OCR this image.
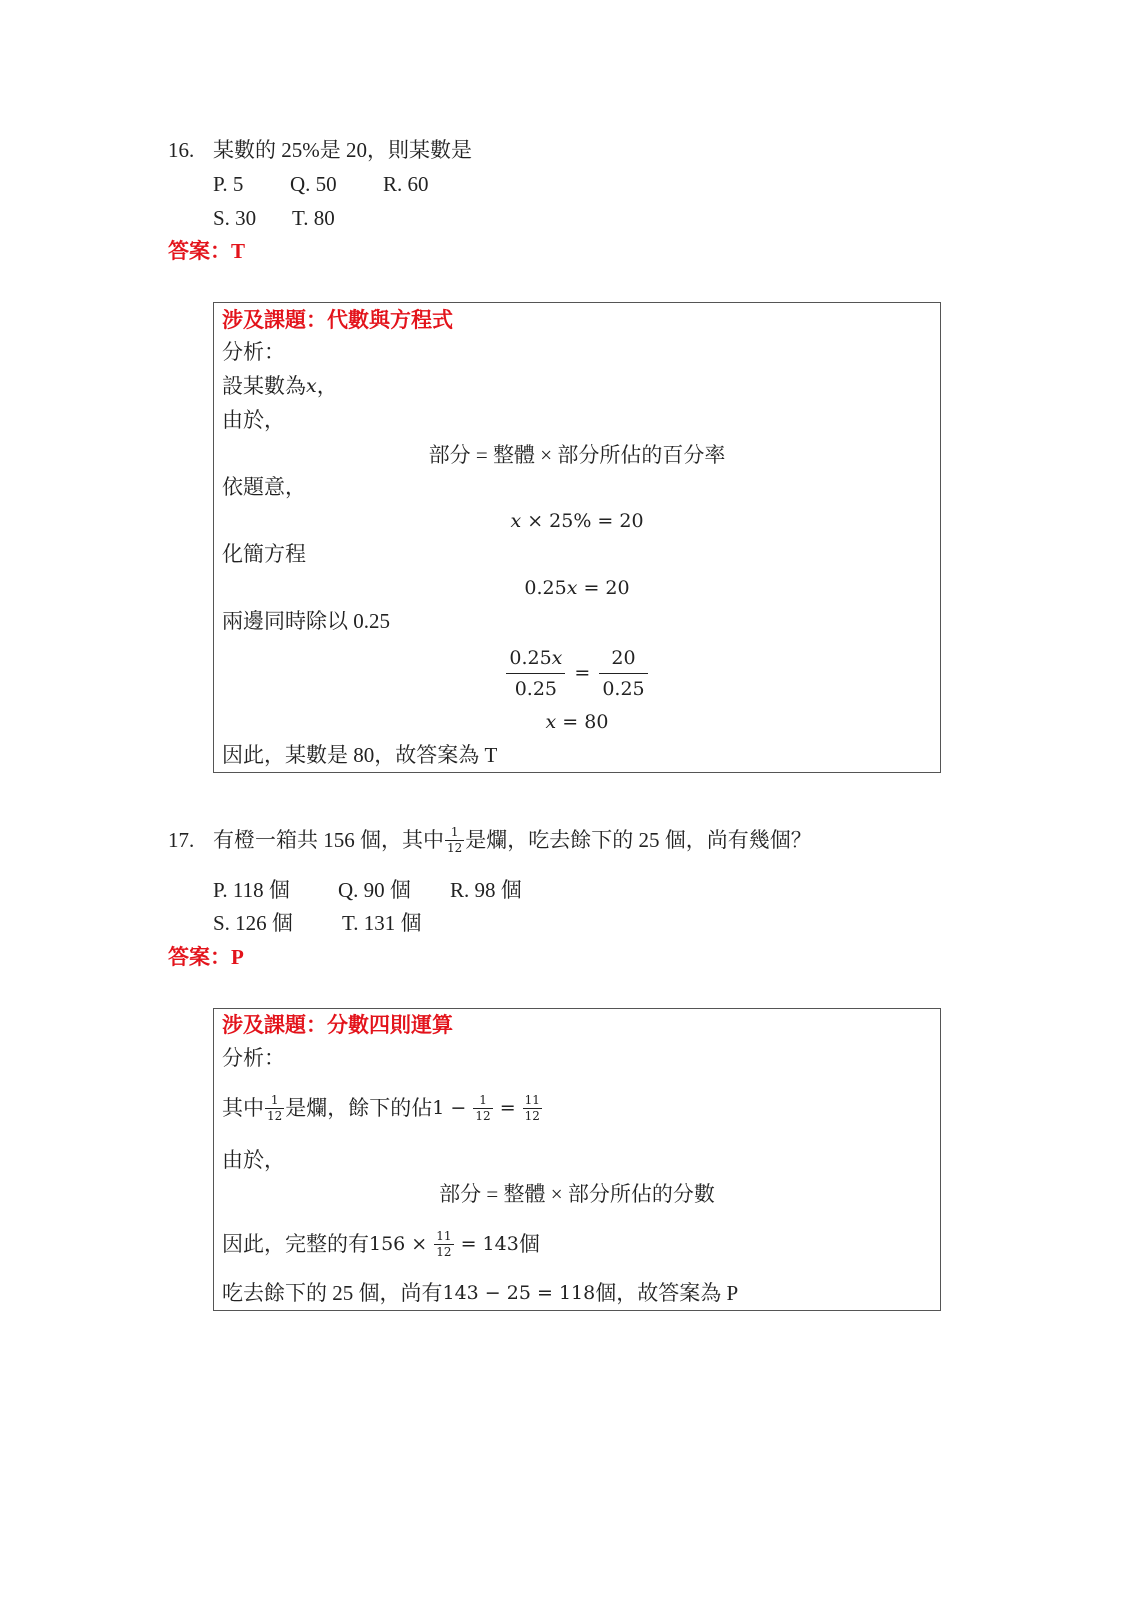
16. 某數的 25%是 20，則某數是
P. 5 Q. 50 R. 60
S. 30 T. 80
答案：T
涉及課題：代數與方程式
分析：
設某數為 x ，
由於，
部分 = 整體 × 部分所佔的百分率
依題意，
x × 25% = 20
化簡方程
0.25 x = 20
兩邊同時除以 0.25
$\frac{0.25 x}{0.25} = \frac{20}{0.25}$
x = 80
因此，某數是 80，故答案為 T
17. 有橙一箱共 156 個，其中 $\frac{1}{12}$ 是爛，吃去餘下的 25 個，尚有幾個？
P. 118 個 Q. 90 個 R. 98 個
S. 126 個 T. 131 個
答案：P
涉及課題：分數四則運算
分析：
其中 $\frac{1}{12}$ 是爛，餘下的佔 $1 - \frac{1}{12} = \frac{11}{12}$
由於，
部分 = 整體 × 部分所佔的分數
因此，完整的有 $156 \times \frac{11}{12} = 143$ 個
吃去餘下的 25 個，尚有 143 − 25 = 118 個，故答案為 P
